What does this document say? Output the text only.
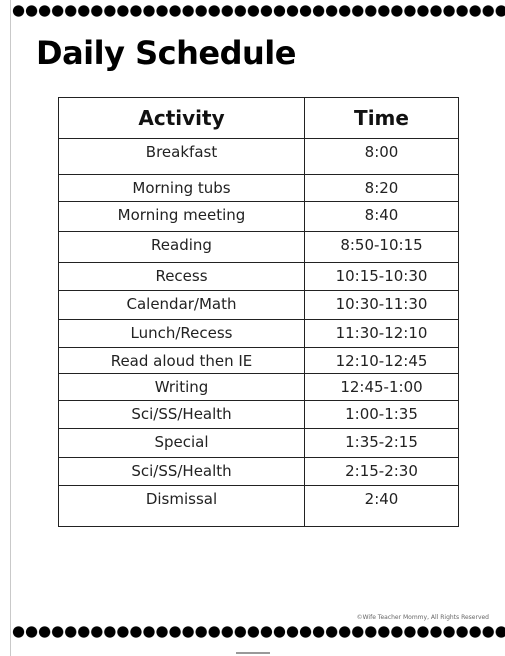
Daily Schedule
Activity	Time
Breakfast	8:00
Morning tubs	8:20
Morning meeting	8:40
Reading	8:50-10:15
Recess	10:15-10:30
Calendar/Math	10:30-11:30
Lunch/Recess	11:30-12:10
Read aloud then IE	12:10-12:45
Writing	12:45-1:00
Sci/SS/Health	1:00-1:35
Special	1:35-2:15
Sci/SS/Health	2:15-2:30
Dismissal	2:40
©Wife Teacher Mommy, All Rights Reserved
